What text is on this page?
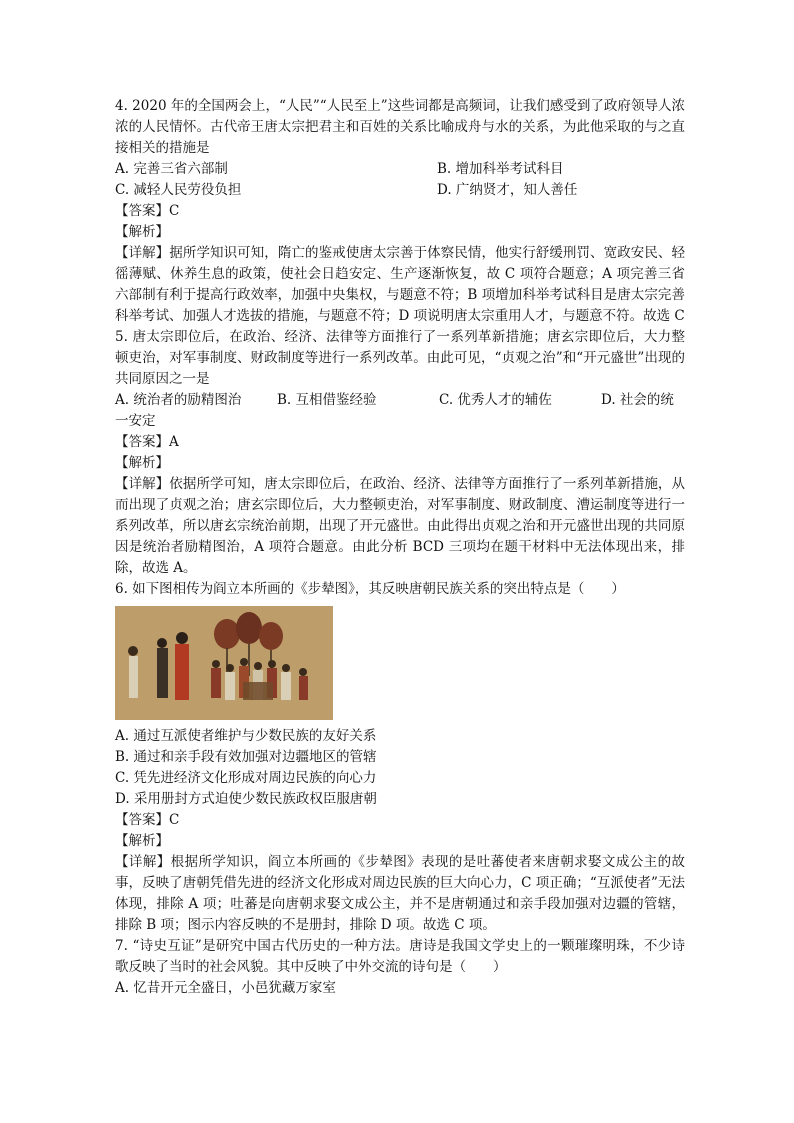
4. 2020 年的全国两会上，“人民”“人民至上”这些词都是高频词，让我们感受到了政府领导人浓浓的人民情怀。古代帝王唐太宗把君主和百姓的关系比喻成舟与水的关系，为此他采取的与之直接相关的措施是

A. 完善三省六部制	B. 增加科举考试科目
C. 减轻人民劳役负担	D. 广纳贤才，知人善任

【答案】C

【解析】

【详解】据所学知识可知，隋亡的鉴戒使唐太宗善于体察民情，他实行舒缓刑罚、宽政安民、轻徭薄赋、休养生息的政策，使社会日趋安定、生产逐渐恢复，故 C 项符合题意；A 项完善三省六部制有利于提高行政效率，加强中央集权，与题意不符；B 项增加科举考试科目是唐太宗完善科举考试、加强人才选拔的措施，与题意不符；D 项说明唐太宗重用人才，与题意不符。故选 C

5. 唐太宗即位后，在政治、经济、法律等方面推行了一系列革新措施；唐玄宗即位后，大力整顿吏治，对军事制度、财政制度等进行一系列改革。由此可见，“贞观之治”和“开元盛世”出现的共同原因之一是

A. 统治者的励精图治	B. 互相借鉴经验	C. 优秀人才的辅佐	D. 社会的统

一安定

【答案】A

【解析】

【详解】依据所学可知，唐太宗即位后，在政治、经济、法律等方面推行了一系列革新措施，从而出现了贞观之治；唐玄宗即位后，大力整顿吏治，对军事制度、财政制度、漕运制度等进行一系列改革，所以唐玄宗统治前期，出现了开元盛世。由此得出贞观之治和开元盛世出现的共同原因是统治者励精图治，A 项符合题意。由此分析 BCD 三项均在题干材料中无法体现出来，排除，故选 A。

6. 如下图相传为阎立本所画的《步辇图》，其反映唐朝民族关系的突出特点是（　　）

A. 通过互派使者维护与少数民族的友好关系

B. 通过和亲手段有效加强对边疆地区的管辖

C. 凭先进经济文化形成对周边民族的向心力

D. 采用册封方式迫使少数民族政权臣服唐朝

【答案】C

【解析】

【详解】根据所学知识，阎立本所画的《步辇图》表现的是吐蕃使者来唐朝求娶文成公主的故事，反映了唐朝凭借先进的经济文化形成对周边民族的巨大向心力，C 项正确；“互派使者”无法体现，排除 A 项；吐蕃是向唐朝求娶文成公主，并不是唐朝通过和亲手段加强对边疆的管辖，排除 B 项；图示内容反映的不是册封，排除 D 项。故选 C 项。

7. “诗史互证”是研究中国古代历史的一种方法。唐诗是我国文学史上的一颗璀璨明珠，不少诗歌反映了当时的社会风貌。其中反映了中外交流的诗句是（　　）

A. 忆昔开元全盛日，小邑犹藏万家室
